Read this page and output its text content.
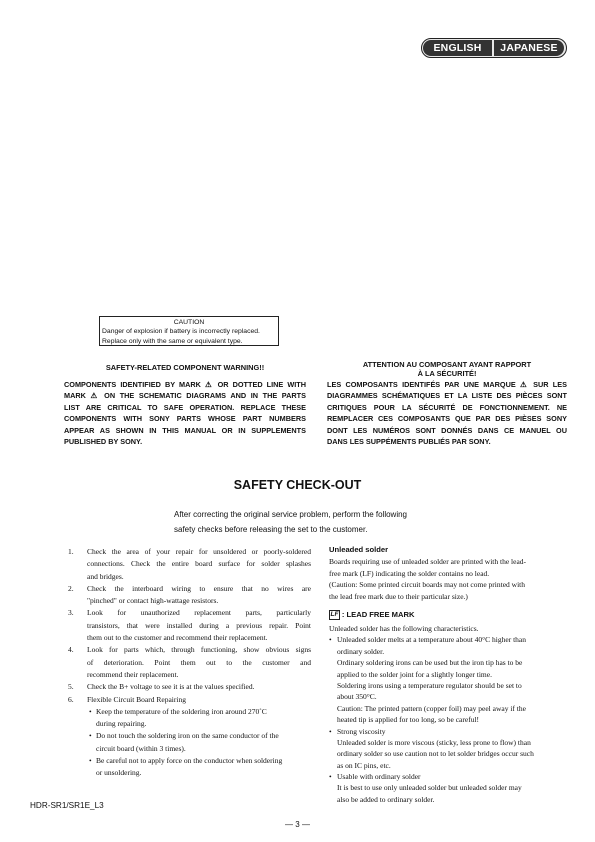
ENGLISH	JAPANESE
CAUTION
Danger of explosion if battery is incorrectly replaced.
Replace only with the same or equivalent type.
SAFETY-RELATED COMPONENT WARNING!!
COMPONENTS IDENTIFIED BY MARK ⚠ OR DOTTED LINE WITH
MARK ⚠ ON THE SCHEMATIC DIAGRAMS AND IN THE PARTS
LIST ARE CRITICAL TO SAFE OPERATION. REPLACE THESE
COMPONENTS WITH SONY PARTS WHOSE PART NUMBERS
APPEAR AS SHOWN IN THIS MANUAL OR IN SUPPLEMENTS
PUBLISHED BY SONY.
ATTENTION AU COMPOSANT AYANT RAPPORT
À LA SÉCURITÉ!
LES COMPOSANTS IDENTIFÉS PAR UNE MARQUE ⚠ SUR LES
DIAGRAMMES SCHÉMATIQUES ET LA LISTE DES PIÈCES SONT
CRITIQUES POUR LA SÉCURITÉ DE FONCTIONNEMENT. NE
REMPLACER CES COMPOSANTS QUE PAR DES PIÈSES SONY
DONT LES NUMÉROS SONT DONNÉS DANS CE MANUEL OU
DANS LES SUPPÉMENTS PUBLIÉS PAR SONY.
SAFETY CHECK-OUT
After correcting the original service problem, perform the following
safety checks before releasing the set to the customer.
1. Check the area of your repair for unsoldered or poorly-soldered
connections. Check the entire board surface for solder splashes
and bridges.
2. Check the interboard wiring to ensure that no wires are
"pinched" or contact high-wattage resistors.
3. Look for unauthorized replacement parts, particularly
transistors, that were installed during a previous repair. Point
them out to the customer and recommend their replacement.
4. Look for parts which, through functioning, show obvious signs
of deterioration. Point them out to the customer and
recommend their replacement.
5. Check the B+ voltage to see it is at the values specified.
6. Flexible Circuit Board Repairing
• Keep the temperature of the soldering iron around 270˚C
during repairing.
• Do not touch the soldering iron on the same conductor of the
circuit board (within 3 times).
• Be careful not to apply force on the conductor when soldering
or unsoldering.
Unleaded solder
Boards requiring use of unleaded solder are printed with the lead-
free mark (LF) indicating the solder contains no lead.
(Caution: Some printed circuit boards may not come printed with
the lead free mark due to their particular size.)
LF : LEAD FREE MARK
Unleaded solder has the following characteristics.
• Unleaded solder melts at a temperature about 40°C higher than
ordinary solder.
Ordinary soldering irons can be used but the iron tip has to be
applied to the solder joint for a slightly longer time.
Soldering irons using a temperature regulator should be set to
about 350°C.
Caution: The printed pattern (copper foil) may peel away if the
heated tip is applied for too long, so be careful!
• Strong viscosity
Unleaded solder is more viscous (sticky, less prone to flow) than
ordinary solder so use caution not to let solder bridges occur such
as on IC pins, etc.
• Usable with ordinary solder
It is best to use only unleaded solder but unleaded solder may
also be added to ordinary solder.
HDR-SR1/SR1E_L3
— 3 —
